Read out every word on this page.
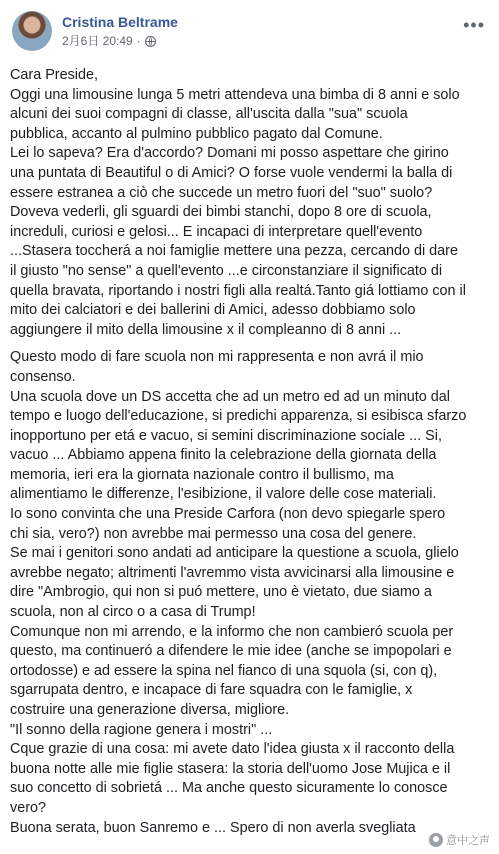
Cristina Beltrame
2月6日 20:49 ·
•••
Cara Preside,
Oggi una limousine lunga 5 metri attendeva una bimba di 8 anni e solo
alcuni dei suoi compagni di classe, all'uscita dalla "sua" scuola
pubblica, accanto al pulmino pubblico pagato dal Comune.
Lei lo sapeva? Era d'accordo? Domani mi posso aspettare che girino
una puntata di Beautiful o di Amici? O forse vuole vendermi la balla di
essere estranea a ciò che succede un metro fuori del "suo" suolo?
Doveva vederli, gli sguardi dei bimbi stanchi, dopo 8 ore di scuola,
increduli, curiosi e gelosi... E incapaci di interpretare quell'evento
...Stasera toccherá a noi famiglie mettere una pezza, cercando di dare
il giusto "no sense" a quell'evento ...e circonstanziare il significato di
quella bravata, riportando i nostri figli alla realtá.Tanto giá lottiamo con il
mito dei calciatori e dei ballerini di Amici, adesso dobbiamo solo
aggiungere il mito della limousine x il compleanno di 8 anni ...
Questo modo di fare scuola non mi rappresenta e non avrá il mio
consenso.
Una scuola dove un DS accetta che ad un metro ed ad un minuto dal
tempo e luogo dell'educazione, si predichi apparenza, si esibisca sfarzo
inopportuno per etá e vacuo, si semini discriminazione sociale ... Si,
vacuo ... Abbiamo appena finito la celebrazione della giornata della
memoria, ieri era la giornata nazionale contro il bullismo, ma
alimentiamo le differenze, l'esibizione, il valore delle cose materiali.
Io sono convinta che una Preside Carfora (non devo spiegarle spero
chi sia, vero?) non avrebbe mai permesso una cosa del genere.
Se mai i genitori sono andati ad anticipare la questione a scuola, glielo
avrebbe negato; altrimenti l'avremmo vista avvicinarsi alla limousine e
dire "Ambrogio, qui non si puó mettere, uno è vietato, due siamo a
scuola, non al circo o a casa di Trump!
Comunque non mi arrendo, e la informo che non cambieró scuola per
questo, ma continueró a difendere le mie idee (anche se impopolari e
ortodosse) e ad essere la spina nel fianco di una squola (si, con q),
sgarrupata dentro, e incapace di fare squadra con le famiglie, x
costruire una generazione diversa, migliore.
"Il sonno della ragione genera i mostri" ...
Cque grazie di una cosa: mi avete dato l'idea giusta x il racconto della
buona notte alle mie figlie stasera: la storia dell'uomo Jose Mujica e il
suo concetto di sobrietá ... Ma anche questo sicuramente lo conosce
vero?
Buona serata, buon Sanremo e ... Spero di non averla svegliata
意中之声
